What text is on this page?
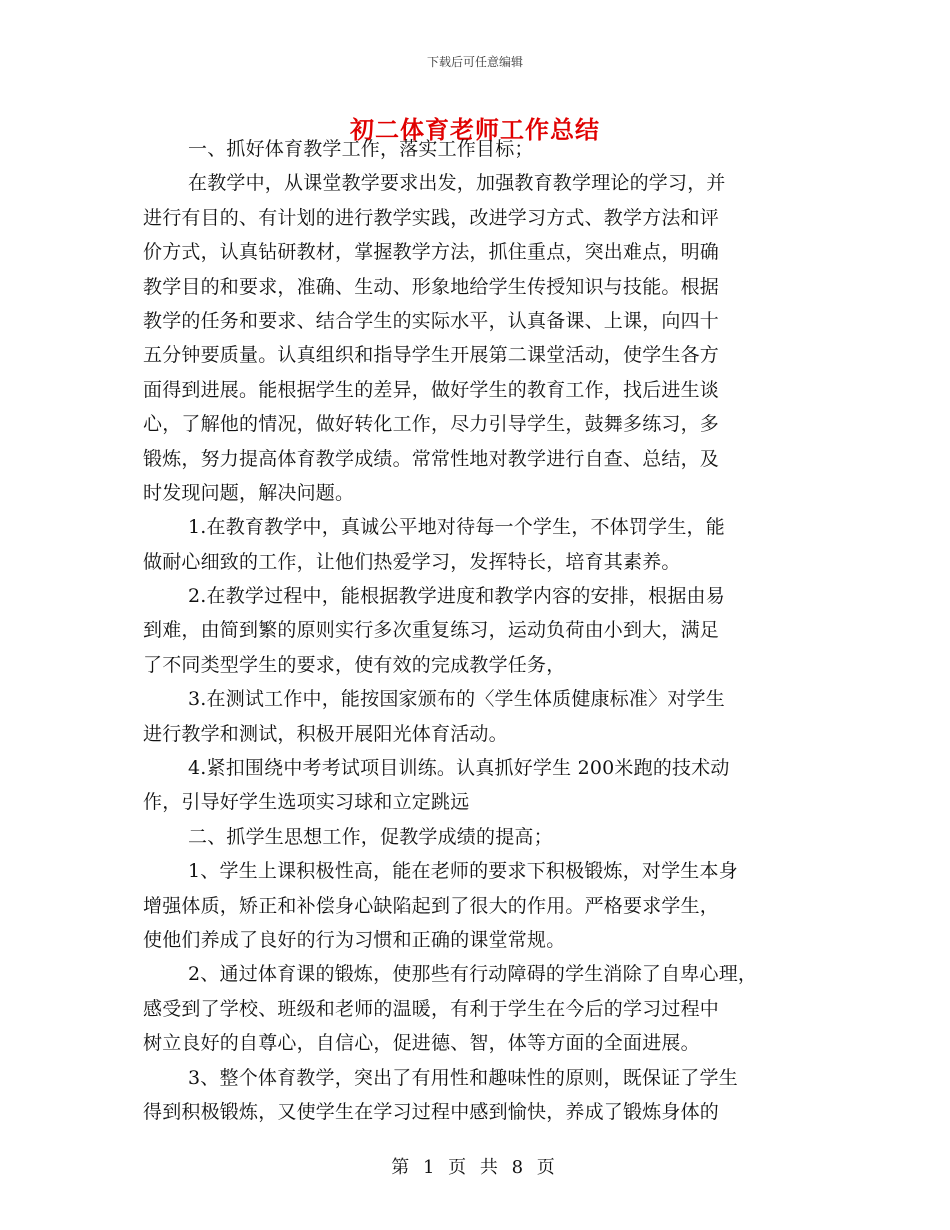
下载后可任意编辑
初二体育老师工作总结
一、抓好体育教学工作，落实工作目标；
在教学中，从课堂教学要求出发，加强教育教学理论的学习，并
进行有目的、有计划的进行教学实践，改进学习方式、教学方法和评
价方式，认真钻研教材，掌握教学方法，抓住重点，突出难点，明确
教学目的和要求，准确、生动、形象地给学生传授知识与技能。根据
教学的任务和要求、结合学生的实际水平，认真备课、上课，向四十
五分钟要质量。认真组织和指导学生开展第二课堂活动，使学生各方
面得到进展。能根据学生的差异，做好学生的教育工作，找后进生谈
心，了解他的情况，做好转化工作，尽力引导学生，鼓舞多练习，多
锻炼，努力提高体育教学成绩。常常性地对教学进行自查、总结，及
时发现问题，解决问题。
1.在教育教学中，真诚公平地对待每一个学生，不体罚学生，能
做耐心细致的工作，让他们热爱学习，发挥特长，培育其素养。
2.在教学过程中，能根据教学进度和教学内容的安排，根据由易
到难，由简到繁的原则实行多次重复练习，运动负荷由小到大，满足
了不同类型学生的要求，使有效的完成教学任务，
3.在测试工作中，能按国家颁布的〈学生体质健康标准〉对学生
进行教学和测试，积极开展阳光体育活动。
4.紧扣围绕中考考试项目训练。认真抓好学生 200米跑的技术动
作，引导好学生选项实习球和立定跳远
二、抓学生思想工作，促教学成绩的提高；
1、学生上课积极性高，能在老师的要求下积极锻炼，对学生本身
增强体质，矫正和补偿身心缺陷起到了很大的作用。严格要求学生，
使他们养成了良好的行为习惯和正确的课堂常规。
2、通过体育课的锻炼，使那些有行动障碍的学生消除了自卑心理，
感受到了学校、班级和老师的温暖，有利于学生在今后的学习过程中
树立良好的自尊心，自信心，促进德、智，体等方面的全面进展。
3、整个体育教学，突出了有用性和趣味性的原则，既保证了学生
得到积极锻炼，又使学生在学习过程中感到愉快，养成了锻炼身体的
第 1 页 共 8 页
